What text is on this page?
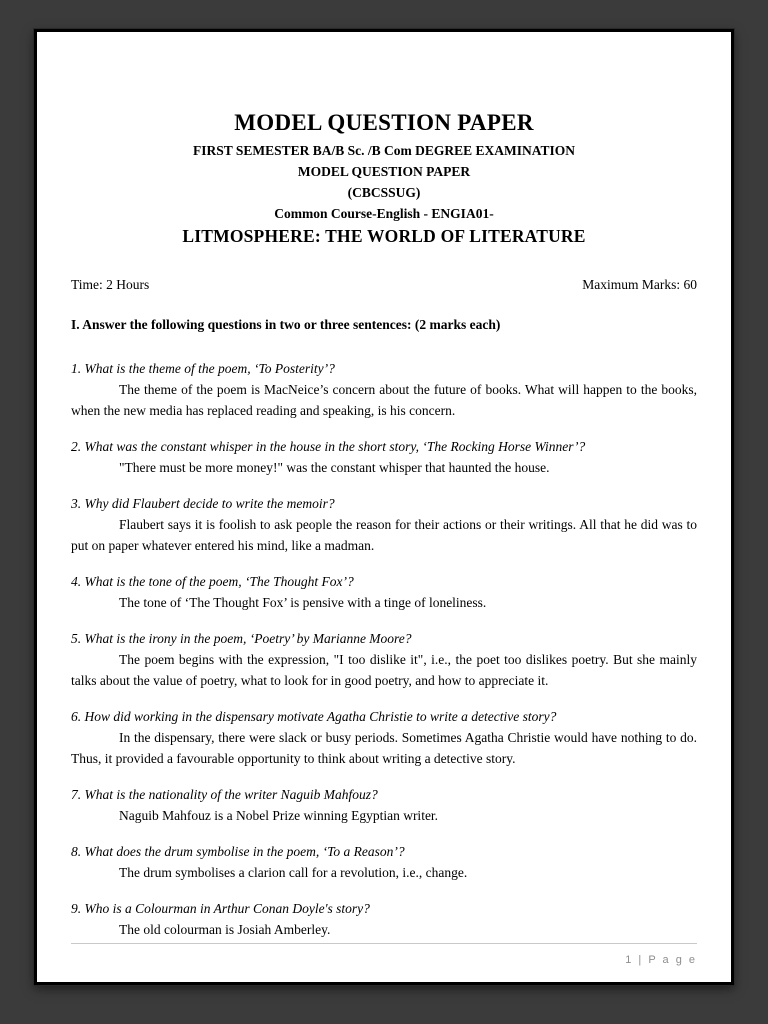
MODEL QUESTION PAPER

FIRST SEMESTER BA/B Sc. /B Com DEGREE EXAMINATION

MODEL QUESTION PAPER

(CBCSSUG)

Common Course-English - ENGIA01-

LITMOSPHERE: THE WORLD OF LITERATURE
Time: 2 Hours	Maximum Marks: 60

I. Answer the following questions in two or three sentences: (2 marks each)

1. What is the theme of the poem, ‘To Posterity’?

The theme of the poem is MacNeice’s concern about the future of books. What will happen to the books, when the new media has replaced reading and speaking, is his concern.

2. What was the constant whisper in the house in the short story, ‘The Rocking Horse Winner’?

"There must be more money!" was the constant whisper that haunted the house.

3. Why did Flaubert decide to write the memoir?

Flaubert says it is foolish to ask people the reason for their actions or their writings. All that he did was to put on paper whatever entered his mind, like a madman.

4. What is the tone of the poem, ‘The Thought Fox’?

The tone of ‘The Thought Fox’ is pensive with a tinge of loneliness.

5. What is the irony in the poem, ‘Poetry’ by Marianne Moore?

The poem begins with the expression, "I too dislike it", i.e., the poet too dislikes poetry. But she mainly talks about the value of poetry, what to look for in good poetry, and how to appreciate it.

6. How did working in the dispensary motivate Agatha Christie to write a detective story?

In the dispensary, there were slack or busy periods. Sometimes Agatha Christie would have nothing to do. Thus, it provided a favourable opportunity to think about writing a detective story.

7. What is the nationality of the writer Naguib Mahfouz?

Naguib Mahfouz is a Nobel Prize winning Egyptian writer.

8. What does the drum symbolise in the poem, ‘To a Reason’?

The drum symbolises a clarion call for a revolution, i.e., change.

9. Who is a Colourman in Arthur Conan Doyle's story?

The old colourman is Josiah Amberley.

1 | P a g e
